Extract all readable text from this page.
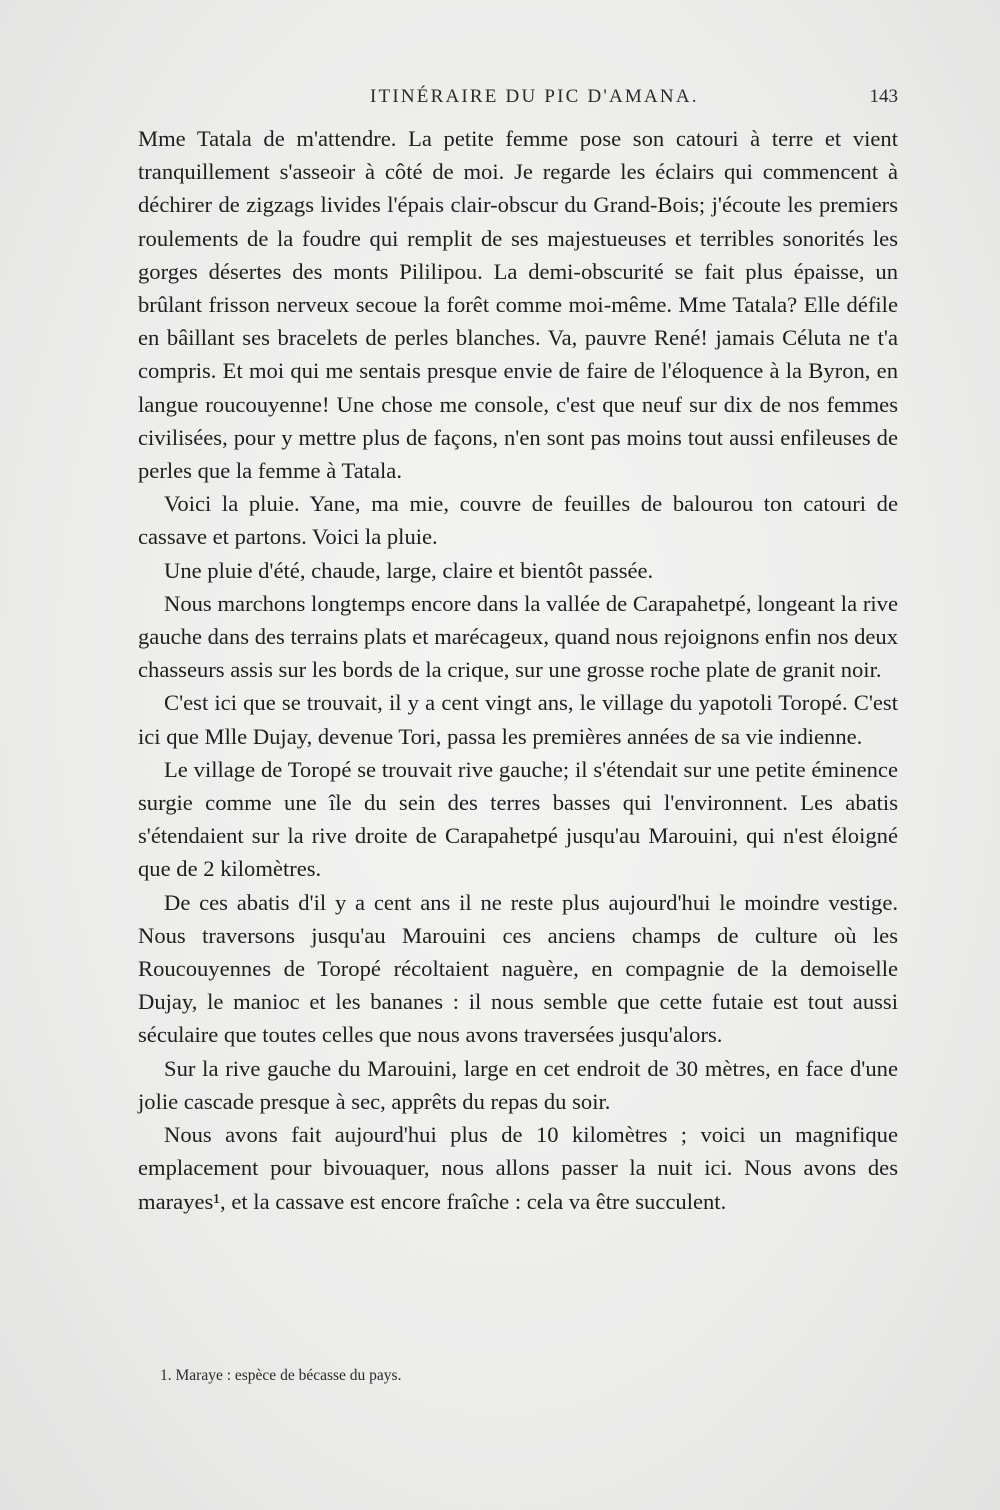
ITINÉRAIRE DU PIC D'AMANA.	143

Mme Tatala de m'attendre. La petite femme pose son catouri à terre et vient tranquillement s'asseoir à côté de moi. Je regarde les éclairs qui commencent à déchirer de zigzags livides l'épais clair-obscur du Grand-Bois; j'écoute les premiers roulements de la foudre qui remplit de ses majestueuses et terribles sonorités les gorges désertes des monts Pililipou. La demi-obscurité se fait plus épaisse, un brûlant frisson nerveux secoue la forêt comme moi-même. Mme Tatala? Elle défile en bâillant ses bracelets de perles blanches. Va, pauvre René! jamais Céluta ne t'a compris. Et moi qui me sentais presque envie de faire de l'éloquence à la Byron, en langue roucouyenne! Une chose me console, c'est que neuf sur dix de nos femmes civilisées, pour y mettre plus de façons, n'en sont pas moins tout aussi enfileuses de perles que la femme à Tatala.

Voici la pluie. Yane, ma mie, couvre de feuilles de balourou ton catouri de cassave et partons. Voici la pluie.

Une pluie d'été, chaude, large, claire et bientôt passée.

Nous marchons longtemps encore dans la vallée de Carapahetpé, longeant la rive gauche dans des terrains plats et marécageux, quand nous rejoignons enfin nos deux chasseurs assis sur les bords de la crique, sur une grosse roche plate de granit noir.

C'est ici que se trouvait, il y a cent vingt ans, le village du yapotoli Toropé. C'est ici que Mlle Dujay, devenue Tori, passa les premières années de sa vie indienne.

Le village de Toropé se trouvait rive gauche; il s'étendait sur une petite éminence surgie comme une île du sein des terres basses qui l'environnent. Les abatis s'étendaient sur la rive droite de Carapahetpé jusqu'au Marouini, qui n'est éloigné que de 2 kilomètres.

De ces abatis d'il y a cent ans il ne reste plus aujourd'hui le moindre vestige. Nous traversons jusqu'au Marouini ces anciens champs de culture où les Roucouyennes de Toropé récoltaient naguère, en compagnie de la demoiselle Dujay, le manioc et les bananes : il nous semble que cette futaie est tout aussi séculaire que toutes celles que nous avons traversées jusqu'alors.

Sur la rive gauche du Marouini, large en cet endroit de 30 mètres, en face d'une jolie cascade presque à sec, apprêts du repas du soir.

Nous avons fait aujourd'hui plus de 10 kilomètres ; voici un magnifique emplacement pour bivouaquer, nous allons passer la nuit ici. Nous avons des marayes¹, et la cassave est encore fraîche : cela va être succulent.

1. Maraye : espèce de bécasse du pays.
